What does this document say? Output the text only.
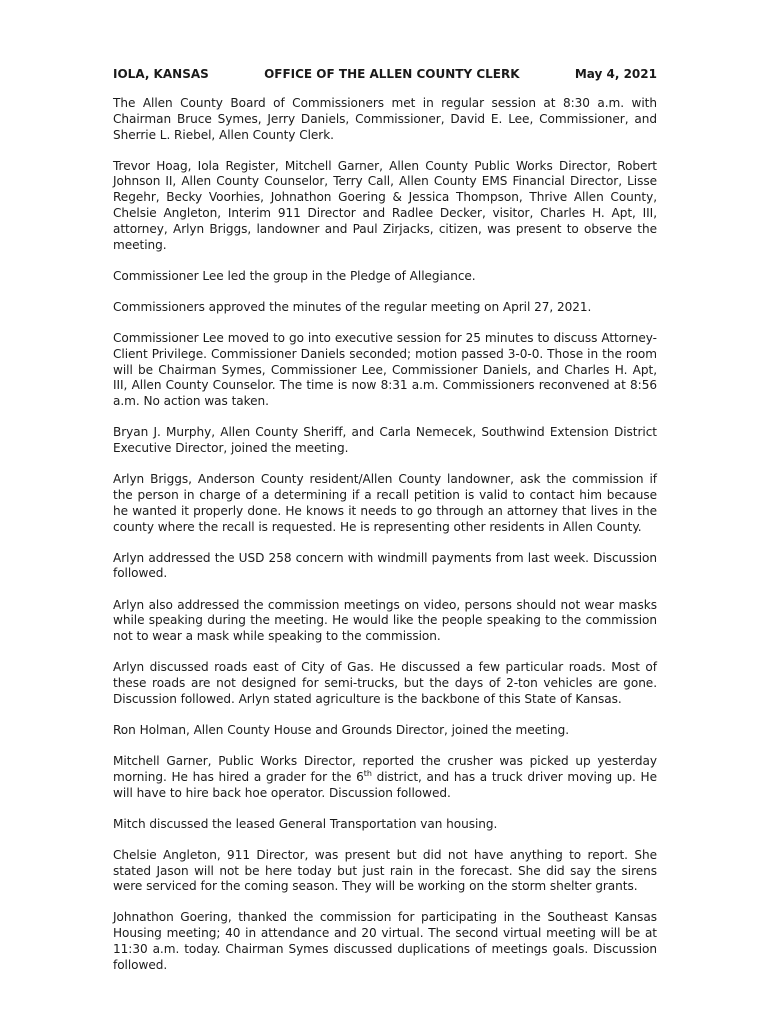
IOLA, KANSAS	OFFICE OF THE ALLEN COUNTY CLERK	May 4, 2021

The Allen County Board of Commissioners met in regular session at 8:30 a.m. with Chairman Bruce Symes, Jerry Daniels, Commissioner, David E. Lee, Commissioner, and Sherrie L. Riebel, Allen County Clerk.

Trevor Hoag, Iola Register, Mitchell Garner, Allen County Public Works Director, Robert Johnson II, Allen County Counselor, Terry Call, Allen County EMS Financial Director, Lisse Regehr, Becky Voorhies, Johnathon Goering & Jessica Thompson, Thrive Allen County, Chelsie Angleton, Interim 911 Director and Radlee Decker, visitor, Charles H. Apt, III, attorney, Arlyn Briggs, landowner and Paul Zirjacks, citizen, was present to observe the meeting.

Commissioner Lee led the group in the Pledge of Allegiance.

Commissioners approved the minutes of the regular meeting on April 27, 2021.

Commissioner Lee moved to go into executive session for 25 minutes to discuss Attorney-Client Privilege. Commissioner Daniels seconded; motion passed 3-0-0. Those in the room will be Chairman Symes, Commissioner Lee, Commissioner Daniels, and Charles H. Apt, III, Allen County Counselor. The time is now 8:31 a.m. Commissioners reconvened at 8:56 a.m. No action was taken.

Bryan J. Murphy, Allen County Sheriff, and Carla Nemecek, Southwind Extension District Executive Director, joined the meeting.

Arlyn Briggs, Anderson County resident/Allen County landowner, ask the commission if the person in charge of a determining if a recall petition is valid to contact him because he wanted it properly done. He knows it needs to go through an attorney that lives in the county where the recall is requested. He is representing other residents in Allen County.

Arlyn addressed the USD 258 concern with windmill payments from last week. Discussion followed.

Arlyn also addressed the commission meetings on video, persons should not wear masks while speaking during the meeting. He would like the people speaking to the commission not to wear a mask while speaking to the commission.

Arlyn discussed roads east of City of Gas. He discussed a few particular roads. Most of these roads are not designed for semi-trucks, but the days of 2-ton vehicles are gone. Discussion followed. Arlyn stated agriculture is the backbone of this State of Kansas.

Ron Holman, Allen County House and Grounds Director, joined the meeting.

Mitchell Garner, Public Works Director, reported the crusher was picked up yesterday morning. He has hired a grader for the 6th district, and has a truck driver moving up. He will have to hire back hoe operator. Discussion followed.

Mitch discussed the leased General Transportation van housing.

Chelsie Angleton, 911 Director, was present but did not have anything to report. She stated Jason will not be here today but just rain in the forecast. She did say the sirens were serviced for the coming season. They will be working on the storm shelter grants.

Johnathon Goering, thanked the commission for participating in the Southeast Kansas Housing meeting; 40 in attendance and 20 virtual. The second virtual meeting will be at 11:30 a.m. today. Chairman Symes discussed duplications of meetings goals. Discussion followed.
